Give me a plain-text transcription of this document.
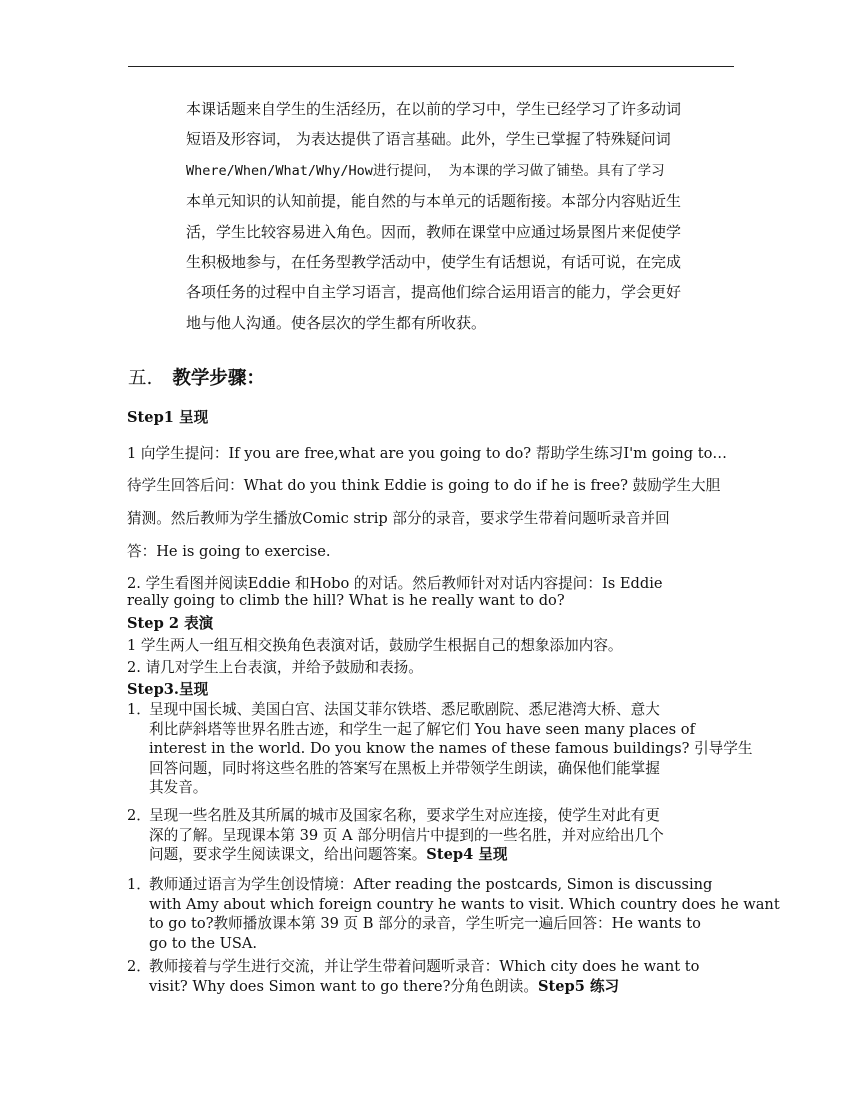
本课话题来自学生的生活经历，在以前的学习中，学生已经学习了许多动词
短语及形容词， 为表达提供了语言基础。此外，学生已掌握了特殊疑问词
Where/When/What/Why/How进行提问， 为本课的学习做了铺垫。具有了学习
本单元知识的认知前提，能自然的与本单元的话题衔接。本部分内容贴近生
活，学生比较容易进入角色。因而，教师在课堂中应通过场景图片来促使学
生积极地参与，在任务型教学活动中，使学生有话想说，有话可说，在完成
各项任务的过程中自主学习语言，提高他们综合运用语言的能力，学会更好
地与他人沟通。使各层次的学生都有所收获。
五. 教学步骤：
Step1 呈现
1 向学生提问：If you are free,what are you going to do? 帮助学生练习I'm going to…
待学生回答后问：What do you think Eddie is going to do if he is free? 鼓励学生大胆
猜测。然后教师为学生播放Comic strip 部分的录音，要求学生带着问题听录音并回
答：He is going to exercise.
2. 学生看图并阅读Eddie 和Hobo 的对话。然后教师针对对话内容提问：Is Eddie
really going to climb the hill? What is he really want to do?
Step 2 表演
1 学生两人一组互相交换角色表演对话，鼓励学生根据自己的想象添加内容。
2. 请几对学生上台表演，并给予鼓励和表扬。
Step3.呈现
1．
呈现中国长城、美国白宫、法国艾菲尔铁塔、悉尼歌剧院、悉尼港湾大桥、意大
利比萨斜塔等世界名胜古迹，和学生一起了解它们 You have seen many places of
interest in the world. Do you know the names of these famous buildings? 引导学生
回答问题，同时将这些名胜的答案写在黑板上并带领学生朗读，确保他们能掌握
其发音。
2．
呈现一些名胜及其所属的城市及国家名称，要求学生对应连接，使学生对此有更
深的了解。呈现课本第 39 页 A 部分明信片中提到的一些名胜，并对应给出几个
问题，要求学生阅读课文，给出问题答案。Step4 呈现
1．
教师通过语言为学生创设情境：After reading the postcards, Simon is discussing
with Amy about which foreign country he wants to visit. Which country does he want
to go to?教师播放课本第 39 页 B 部分的录音，学生听完一遍后回答：He wants to
go to the USA.
2．
教师接着与学生进行交流，并让学生带着问题听录音：Which city does he want to
visit? Why does Simon want to go there?分角色朗读。Step5 练习
